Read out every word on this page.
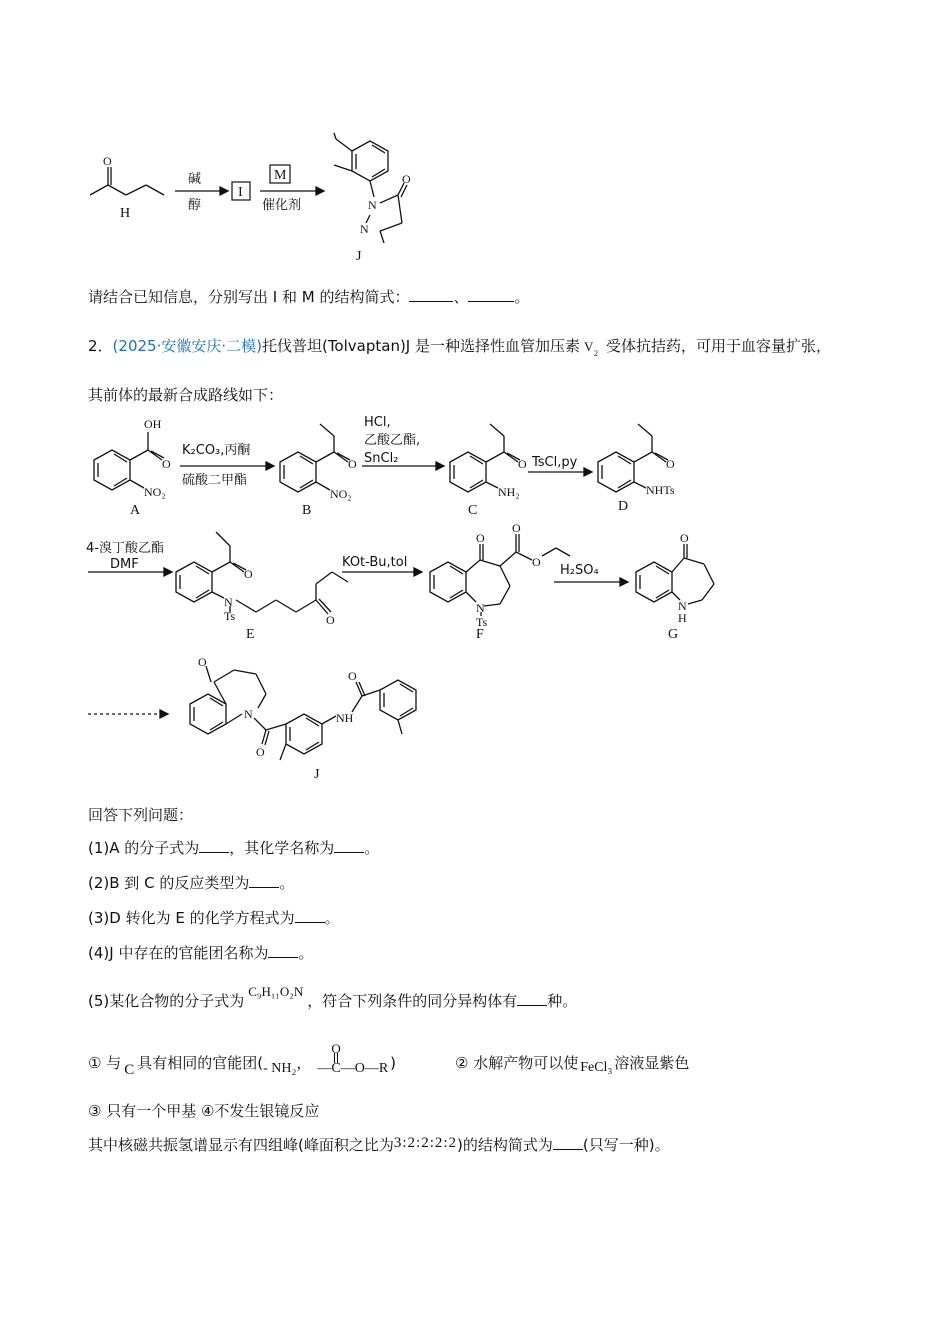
O
H
碱
醇
I
M
催化剂	N
O
N
J
请结合已知信息，分别写出 I 和 M 的结构简式：	、	。
2．(2025·安徽安庆·二模)托伐普坦(Tolvaptan)J 是一种选择性血管加压素 V 2 受体抗拮药，可用于血容量扩张，
其前体的最新合成路线如下：
OH
O
NO₂
A
K₂CO₃,丙酮
硫酸二甲酯
O
NO₂
B
HCl,
乙酸乙酯,
SnCl₂	O
NH₂
C
TsCl,py	O
NHTs
D
4-溴丁酸乙酯
DMF
O
N
Ts	O
E
KOt-Bu,tol
O
N
Ts
O
O
F
H₂SO₄
O
N
H
G
O
N
O
NH
O
J
回答下列问题：
(1)A 的分子式为 ，其化学名称为 。
(2)B 到 C 的反应类型为 。
(3)D 转化为 E 的化学方程式为 。
(4)J 中存在的官能团名称为 。
(5)某化合物的分子式为C₉H₁₁O₂N，符合下列条件的同分异构体有 种。
① 与 C 具有相同的官能团(- NH₂，
O
—C—O—R )	② 水解产物可以使 FeCl₃ 溶液显紫色
③ 只有一个甲基 ④不发生银镜反应
其中核磁共振氢谱显示有四组峰(峰面积之比为3:2:2:2:2)的结构简式为 (只写一种)。
